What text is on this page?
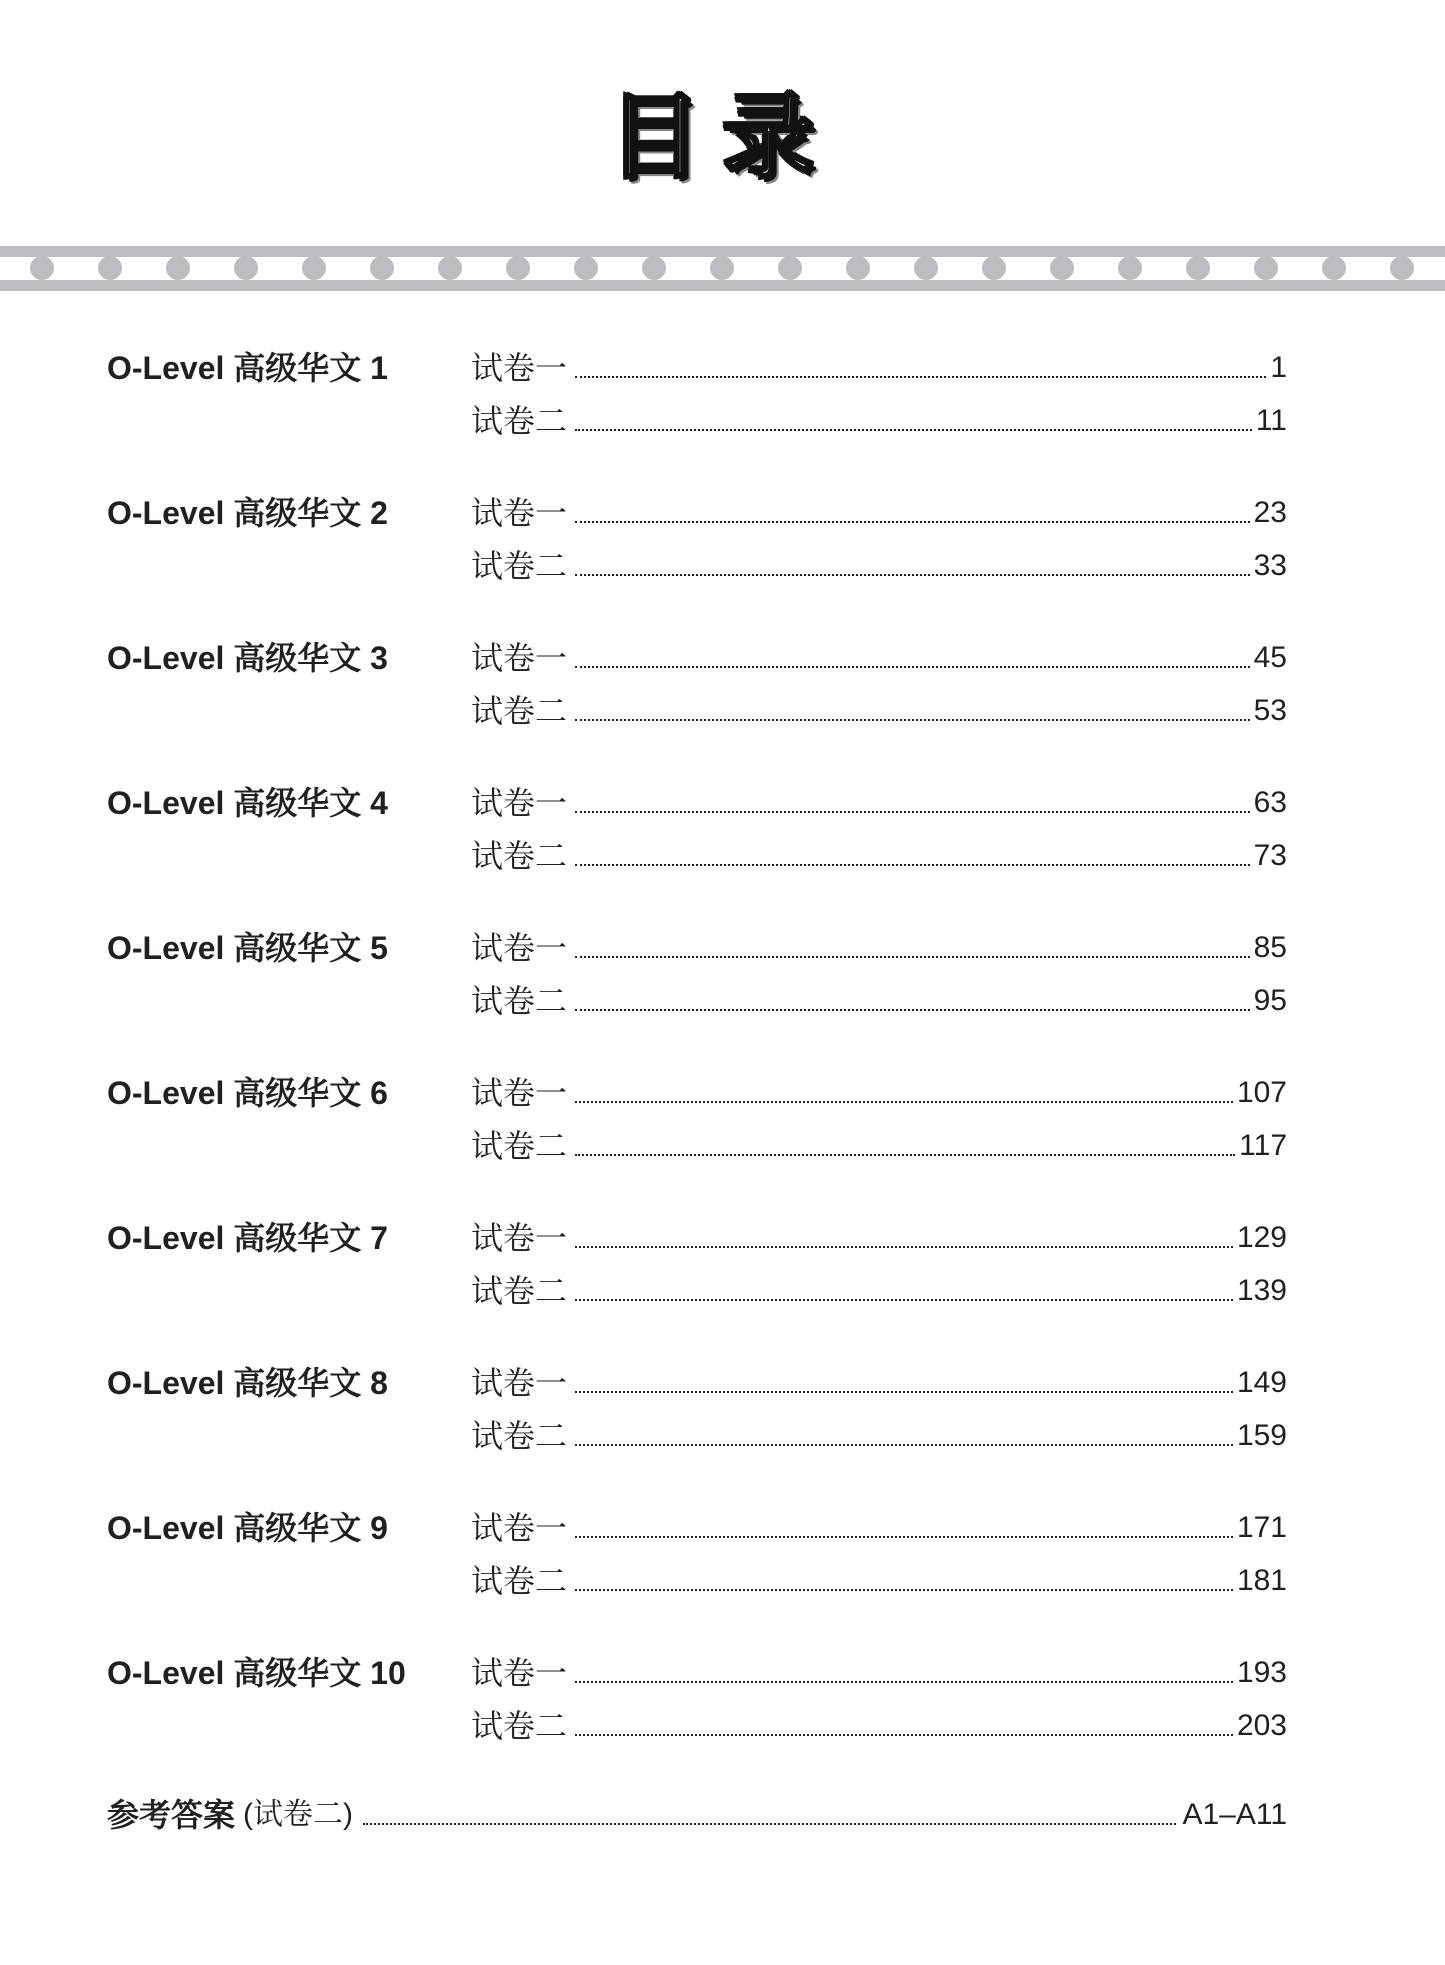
目录
O-Level 高级华文 1	试卷一	1
试卷二	11
O-Level 高级华文 2	试卷一	23
试卷二	33
O-Level 高级华文 3	试卷一	45
试卷二	53
O-Level 高级华文 4	试卷一	63
试卷二	73
O-Level 高级华文 5	试卷一	85
试卷二	95
O-Level 高级华文 6	试卷一	107
试卷二	117
O-Level 高级华文 7	试卷一	129
试卷二	139
O-Level 高级华文 8	试卷一	149
试卷二	159
O-Level 高级华文 9	试卷一	171
试卷二	181
O-Level 高级华文 10 试卷一	193
试卷二	203
参考答案 (试卷二)	A1–A11
